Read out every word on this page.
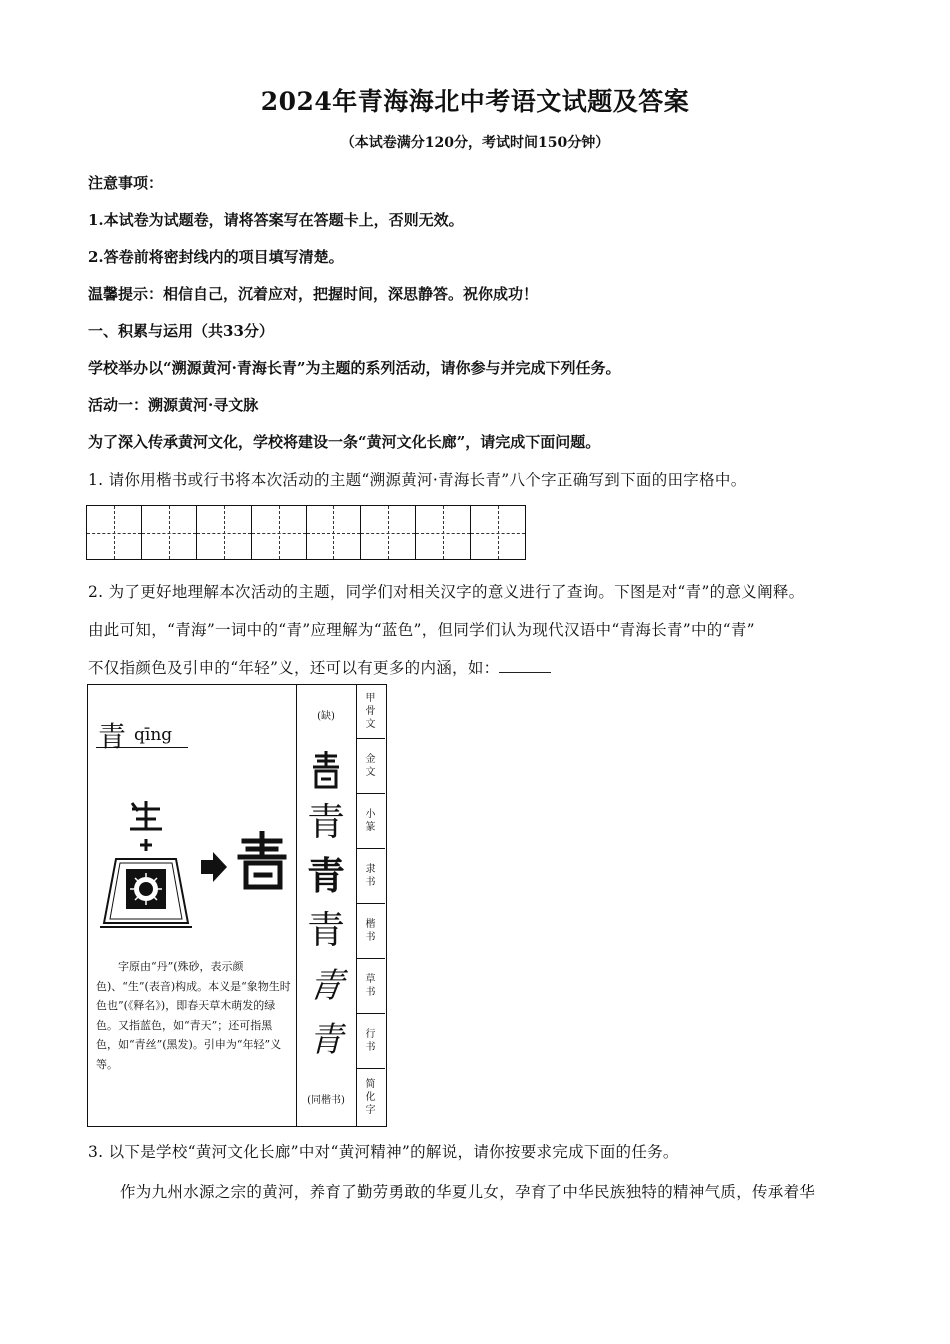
2024年青海海北中考语文试题及答案
（本试卷满分120分，考试时间150分钟）
注意事项：
1.本试卷为试题卷，请将答案写在答题卡上，否则无效。
2.答卷前将密封线内的项目填写清楚。
温馨提示：相信自己，沉着应对，把握时间，深思静答。祝你成功！
一、积累与运用（共33分）
学校举办以“溯源黄河·青海长青”为主题的系列活动，请你参与并完成下列任务。
活动一：溯源黄河·寻文脉
为了深入传承黄河文化，学校将建设一条“黄河文化长廊”，请完成下面问题。
1. 请你用楷书或行书将本次活动的主题“溯源黄河·青海长青”八个字正确写到下面的田字格中。
2. 为了更好地理解本次活动的主题，同学们对相关汉字的意义进行了查询。下图是对“青”的意义阐释。
由此可知，“青海”一词中的“青”应理解为“蓝色”，但同学们认为现代汉语中“青海长青”中的“青”
不仅指颜色及引申的“年轻”义，还可以有更多的内涵，如：
青 qīng

字原由“丹”(殊砂，表示颜色)、“生”(表音)构成。本义是“象物生时色也”(《释名》)，即春天草木萌发的绿色。又指蓝色，如“青天”；还可指黑色，如“青丝”(黑发)。引申为“年轻”义等。

(缺)
青
青
青
青
青
(同楷书)
甲
骨
文
金
文
小
篆
隶
书
楷
书
草
书
行
书
简
化
字
3. 以下是学校“黄河文化长廊”中对“黄河精神”的解说，请你按要求完成下面的任务。
作为九州水源之宗的黄河，养育了勤劳勇敢的华夏儿女，孕育了中华民族独特的精神气质，传承着华
